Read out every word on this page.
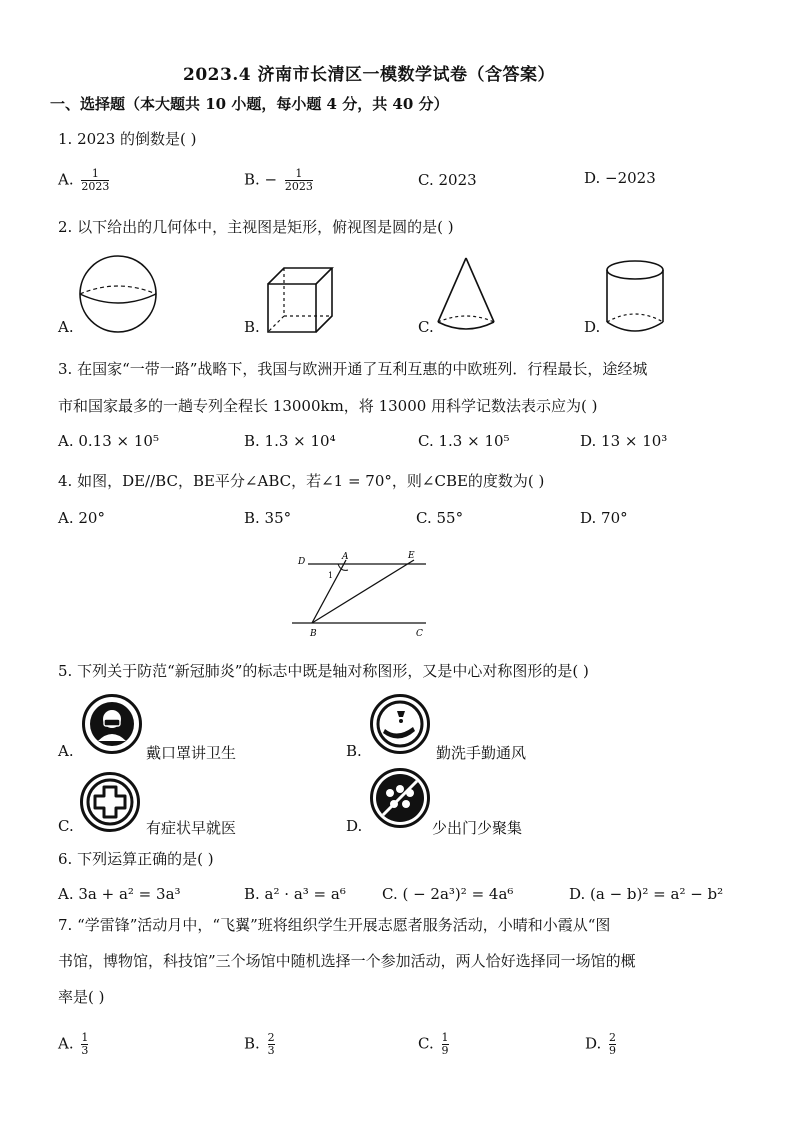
2023.4 济南市长清区一模数学试卷（含答案）
一、选择题（本大题共 10 小题，每小题 4 分，共 40 分）
1. 2023 的倒数是( )
A. $\frac{1}{2023}$	B. − $\frac{1}{2023}$	C. 2023	D. −2023
2. 以下给出的几何体中，主视图是矩形，俯视图是圆的是( )
A.	B.	C.	D.
3. 在国家“一带一路”战略下，我国与欧洲开通了互利互惠的中欧班列．行程最长，途经城
市和国家最多的一趟专列全程长 13000km，将 13000 用科学记数法表示应为( )
A. 0.13 × 10⁵	B. 1.3 × 10⁴	C. 1.3 × 10⁵	D. 13 × 10³
4. 如图，DE//BC，BE平分∠ABC，若∠1 = 70°，则∠CBE的度数为( )
A. 20°	B. 35°	C. 55°	D. 70°
D	A	E
1
B	C
5. 下列关于防范“新冠肺炎”的标志中既是轴对称图形，又是中心对称图形的是( )
A.	戴口罩讲卫生	B.	勤洗手勤通风
C.	有症状早就医	D.	少出门少聚集
6. 下列运算正确的是( )
A. 3a + a² = 3a³	B. a² · a³ = a⁶ C. ( − 2a³)² = 4a⁶	D. (a − b)² = a² − b²
7. “学雷锋”活动月中，“飞翼”班将组织学生开展志愿者服务活动，小晴和小霞从“图
书馆，博物馆，科技馆”三个场馆中随机选择一个参加活动，两人恰好选择同一场馆的概
率是( )
A. $\frac{1}{3}$	B. $\frac{2}{3}$	C. $\frac{1}{9}$	D. $\frac{2}{9}$
